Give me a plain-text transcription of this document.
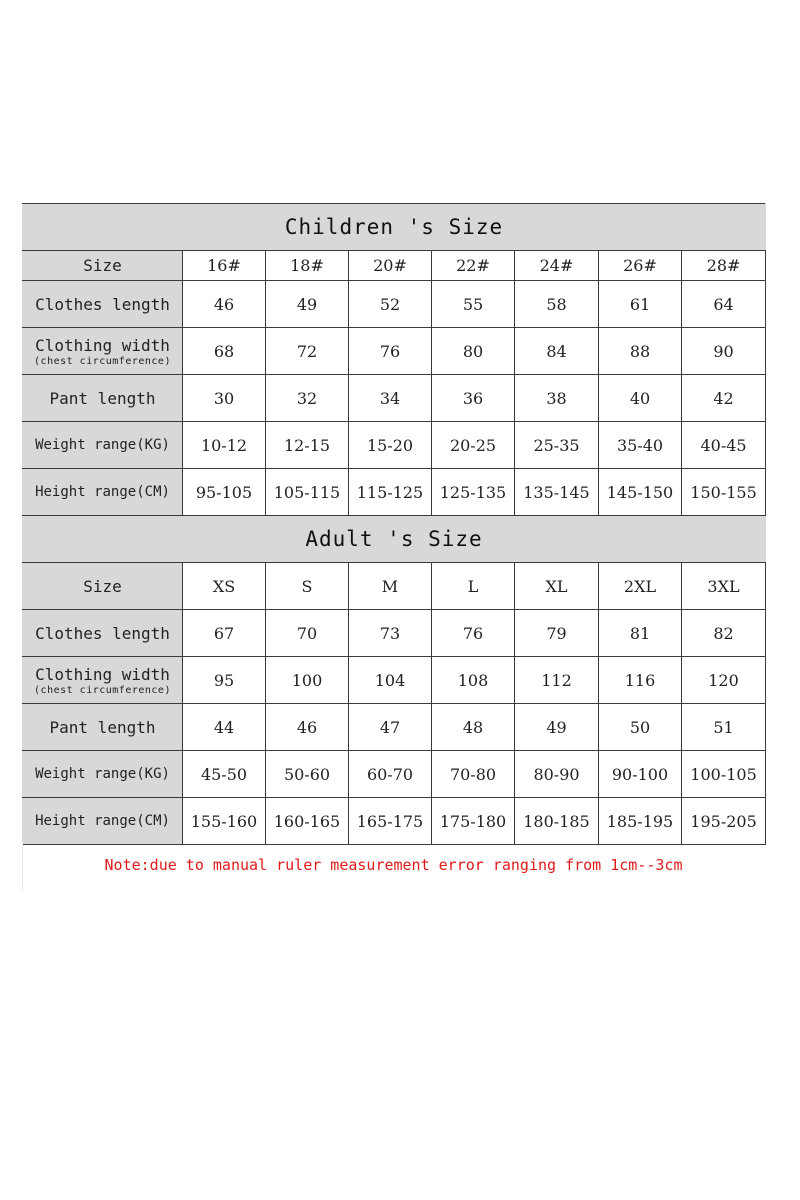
Children 's Size							
Size	16#	18#	20#	22#	24#	26#	28#

Clothes length	46	49	52	55	58	61	64

Clothing width
(chest circumference)	68	72	76	80	84	88	90

Pant length	30	32	34	36	38	40	42

Weight range(KG)	10-12	12-15	15-20	20-25	25-35	35-40	40-45

Height range(CM)	95-105	105-115	115-125	125-135	135-145	145-150	150-155
Adult 's Size							
Size	XS	S	M	L	XL	2XL	3XL

Clothes length	67	70	73	76	79	81	82

Clothing width
(chest circumference)	95	100	104	108	112	116	120

Pant length	44	46	47	48	49	50	51

Weight range(KG)	45-50	50-60	60-70	70-80	80-90	90-100	100-105

Height range(CM)	155-160	160-165	165-175	175-180	180-185	185-195	195-205
Note:due to manual ruler measurement error ranging from 1cm--3cm
